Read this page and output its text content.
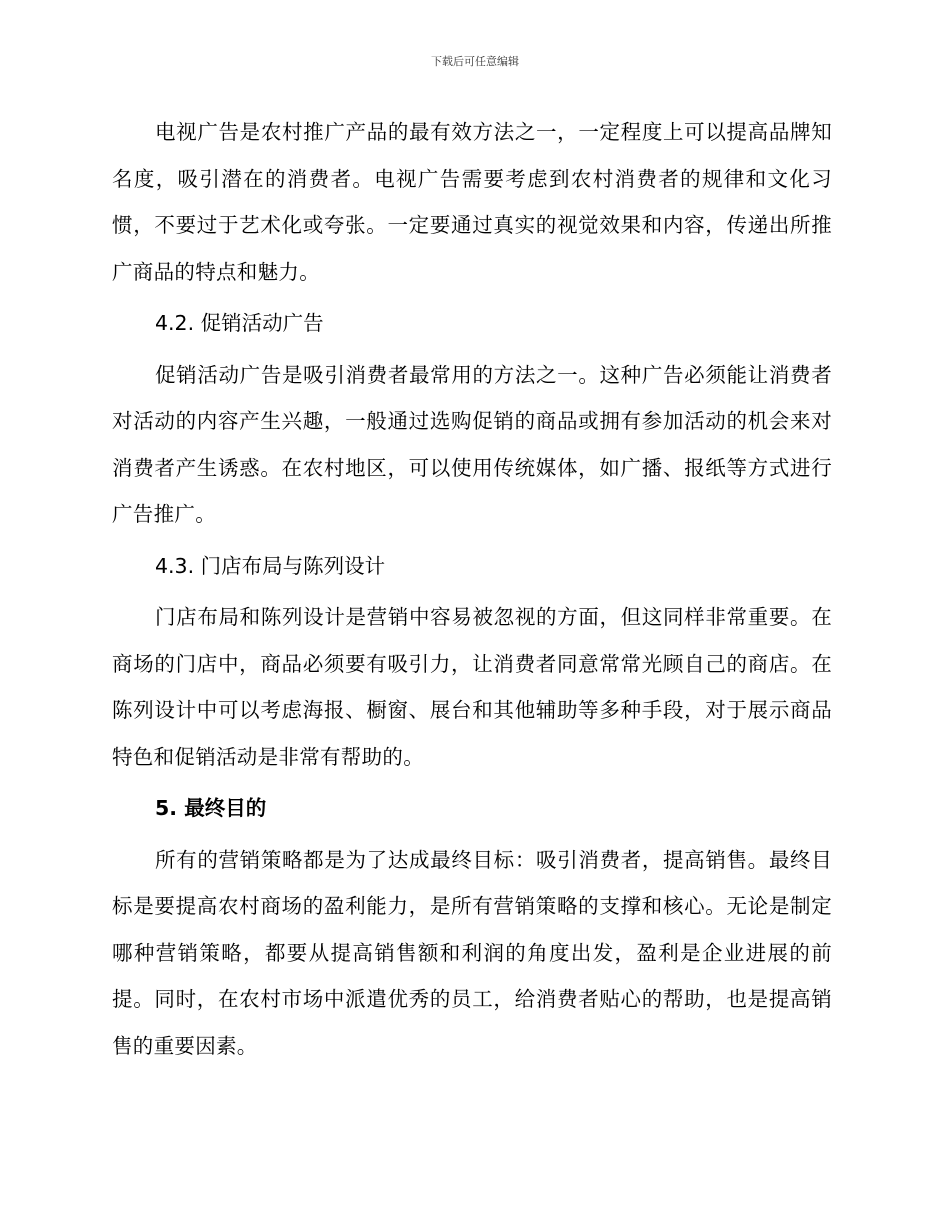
下载后可任意编辑

电视广告是农村推广产品的最有效方法之一，一定程度上可以提高品牌知名度，吸引潜在的消费者。电视广告需要考虑到农村消费者的规律和文化习惯，不要过于艺术化或夸张。一定要通过真实的视觉效果和内容，传递出所推广商品的特点和魅力。

4.2. 促销活动广告

促销活动广告是吸引消费者最常用的方法之一。这种广告必须能让消费者对活动的内容产生兴趣，一般通过选购促销的商品或拥有参加活动的机会来对消费者产生诱惑。在农村地区，可以使用传统媒体，如广播、报纸等方式进行广告推广。

4.3. 门店布局与陈列设计

门店布局和陈列设计是营销中容易被忽视的方面，但这同样非常重要。在商场的门店中，商品必须要有吸引力，让消费者同意常常光顾自己的商店。在陈列设计中可以考虑海报、橱窗、展台和其他辅助等多种手段，对于展示商品特色和促销活动是非常有帮助的。

5. 最终目的

所有的营销策略都是为了达成最终目标：吸引消费者，提高销售。最终目标是要提高农村商场的盈利能力，是所有营销策略的支撑和核心。无论是制定哪种营销策略，都要从提高销售额和利润的角度出发，盈利是企业进展的前提。同时，在农村市场中派遣优秀的员工，给消费者贴心的帮助，也是提高销售的重要因素。
